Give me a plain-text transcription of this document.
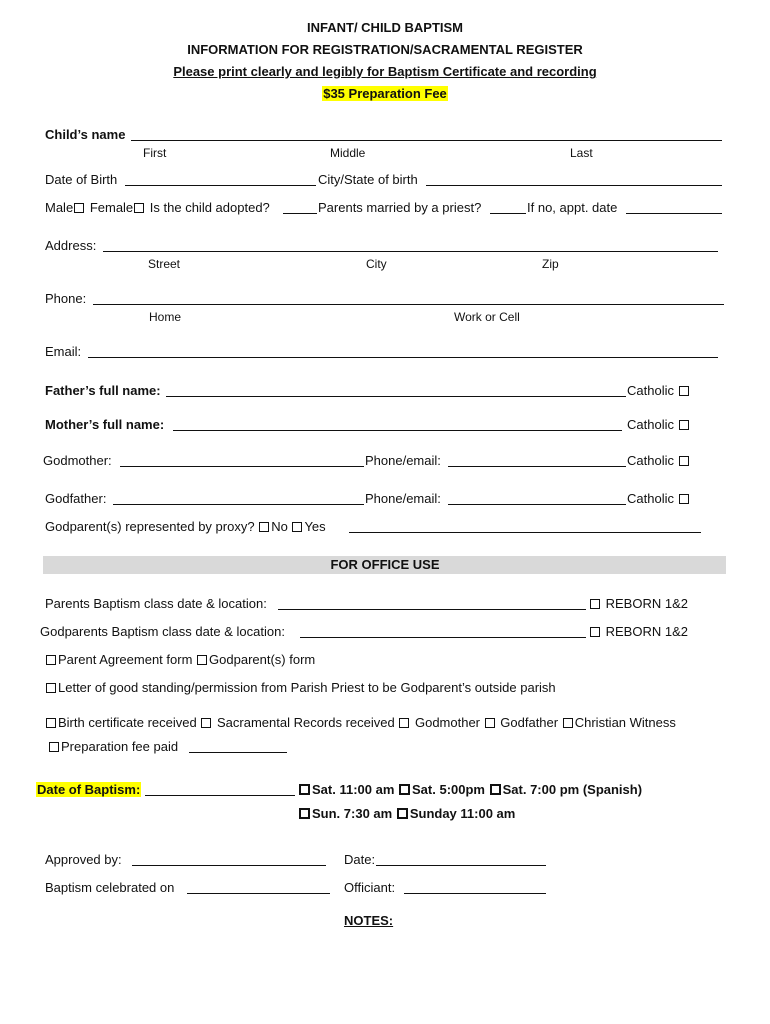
INFANT/ CHILD BAPTISM
INFORMATION FOR REGISTRATION/SACRAMENTAL REGISTER
Please print clearly and legibly for Baptism Certificate and recording
$35 Preparation Fee
Child’s name
First	Middle	Last
Date of Birth	City/State of birth
Male Female Is the child adopted?	Parents married by a priest?	If no, appt. date
Address:
Street	City	Zip
Phone:
Home	Work or Cell
Email:
Father’s full name:	Catholic
Mother’s full name:	Catholic
Godmother:	Phone/email:	Catholic
Godfather:	Phone/email:	Catholic
Godparent(s) represented by proxy? No Yes
FOR OFFICE USE
Parents Baptism class date & location:	REBORN 1&2
Godparents Baptism class date & location:	REBORN 1&2
Parent Agreement form Godparent(s) form
Letter of good standing/permission from Parish Priest to be Godparent’s outside parish
Birth certificate received Sacramental Records received Godmother Godfather Christian Witness
Preparation fee paid
Date of Baptism:	Sat. 11:00 am Sat. 5:00pm Sat. 7:00 pm (Spanish)
Sun. 7:30 am Sunday 11:00 am
Approved by:	Date:
Baptism celebrated on	Officiant:
NOTES:
